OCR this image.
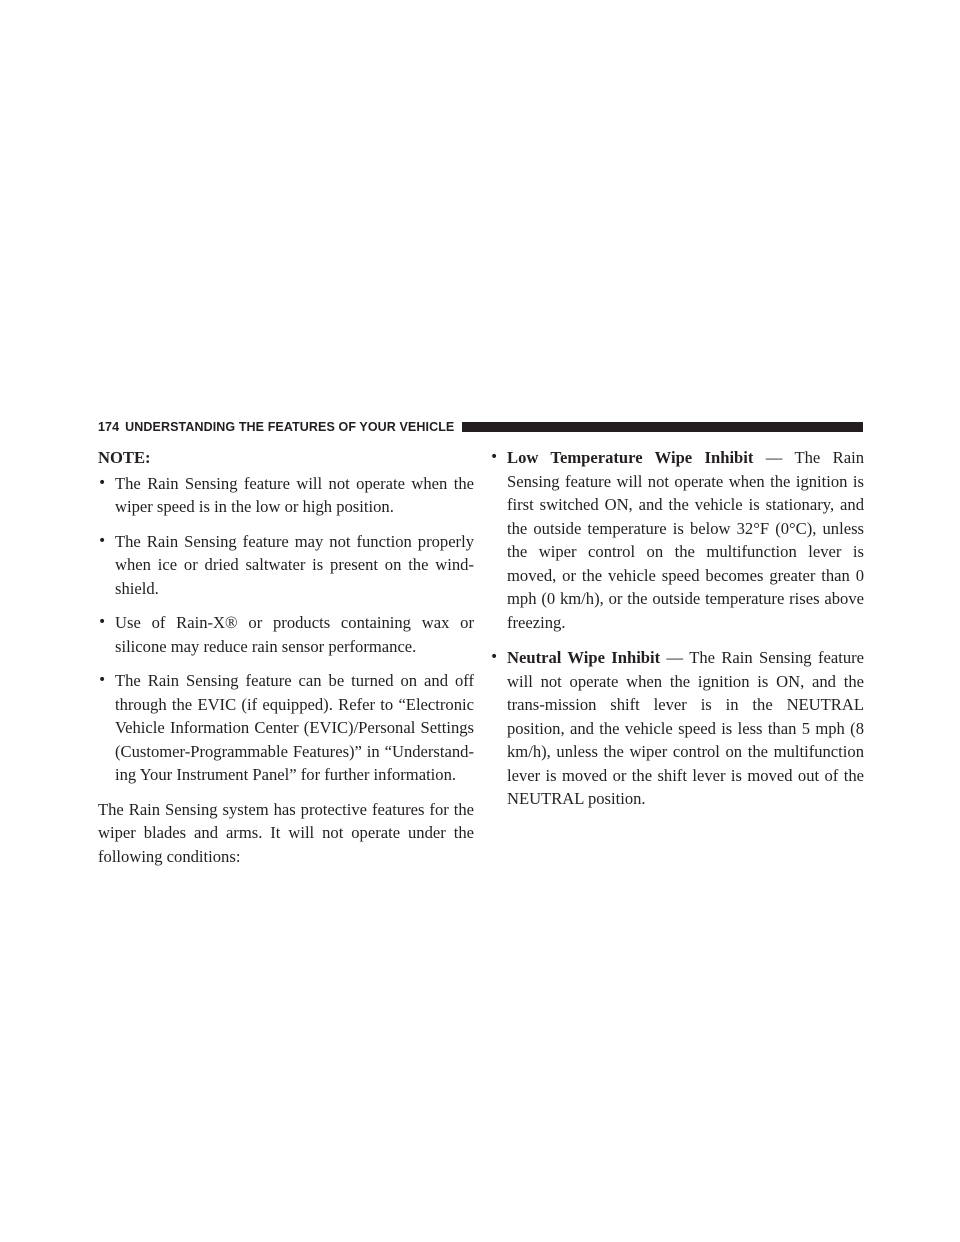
174 UNDERSTANDING THE FEATURES OF YOUR VEHICLE
NOTE:
• The Rain Sensing feature will not operate when the wiper speed is in the low or high position.
• The Rain Sensing feature may not function properly when ice or dried saltwater is present on the wind-shield.
• Use of Rain-X® or products containing wax or silicone may reduce rain sensor performance.
• The Rain Sensing feature can be turned on and off through the EVIC (if equipped). Refer to “Electronic Vehicle Information Center (EVIC)/Personal Settings (Customer-Programmable Features)” in “Understand-ing Your Instrument Panel” for further information.

The Rain Sensing system has protective features for the wiper blades and arms. It will not operate under the following conditions:

• Low Temperature Wipe Inhibit — The Rain Sensing feature will not operate when the ignition is first switched ON, and the vehicle is stationary, and the outside temperature is below 32°F (0°C), unless the wiper control on the multifunction lever is moved, or the vehicle speed becomes greater than 0 mph (0 km/h), or the outside temperature rises above freezing.
• Neutral Wipe Inhibit — The Rain Sensing feature will not operate when the ignition is ON, and the trans-mission shift lever is in the NEUTRAL position, and the vehicle speed is less than 5 mph (8 km/h), unless the wiper control on the multifunction lever is moved or the shift lever is moved out of the NEUTRAL position.
